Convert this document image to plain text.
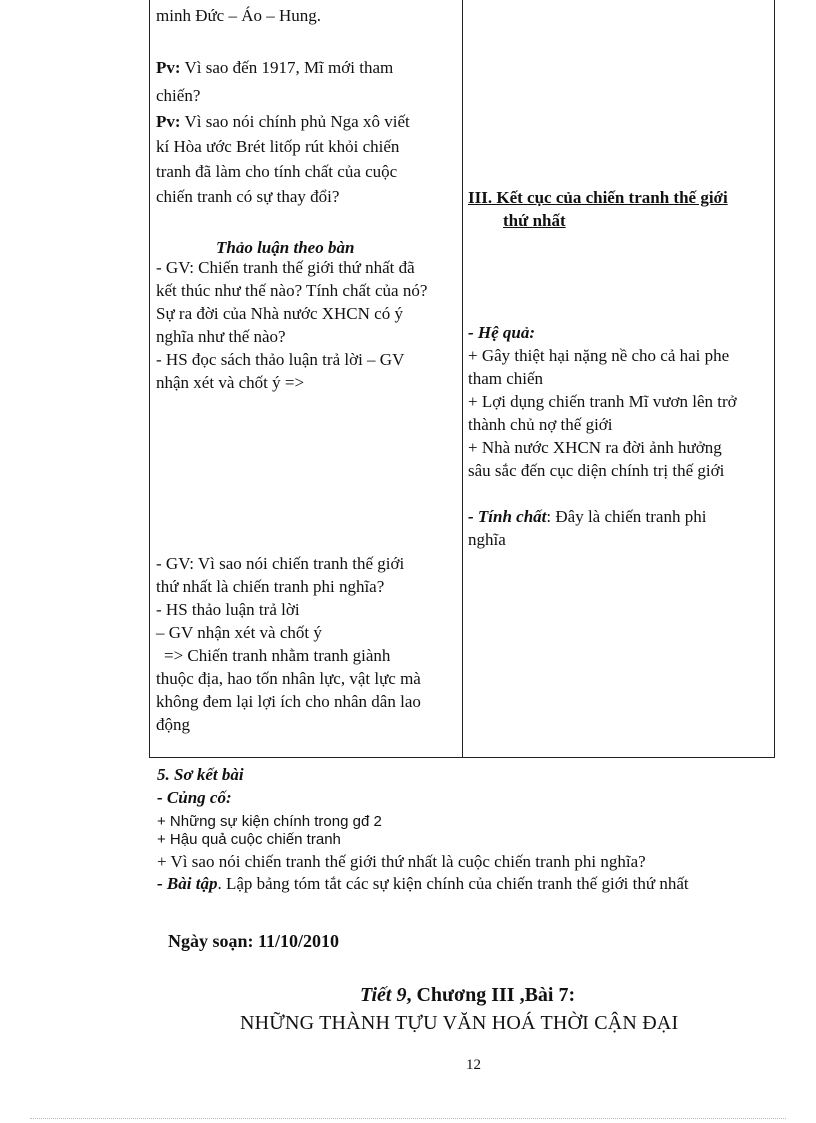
minh Đức – Áo – Hung.
Pv: Vì sao đến 1917, Mĩ mới tham
chiến?
Pv: Vì sao nói chính phủ Nga xô viết
kí Hòa ước Brét litốp rút khỏi chiến
tranh đã làm cho tính chất của cuộc
chiến tranh có sự thay đổi?
Thảo luận theo bàn
- GV: Chiến tranh thế giới thứ nhất đã
kết thúc như thế nào? Tính chất của nó?
Sự ra đời của Nhà nước XHCN có ý
nghĩa như thế nào?
- HS đọc sách thảo luận trả lời – GV
nhận xét và chốt ý =>
- GV: Vì sao nói chiến tranh thế giới
thứ nhất là chiến tranh phi nghĩa?
- HS thảo luận trả lời
– GV nhận xét và chốt ý
=> Chiến tranh nhằm tranh giành
thuộc địa, hao tốn nhân lực, vật lực mà
không đem lại lợi ích cho nhân dân lao
động
III. Kết cục của chiến tranh thế giới
thứ nhất
- Hệ quả:
+ Gây thiệt hại nặng nề cho cả hai phe
tham chiến
+ Lợi dụng chiến tranh Mĩ vươn lên trở
thành chủ nợ thế giới
+ Nhà nước XHCN ra đời ảnh hưởng
sâu sắc đến cục diện chính trị thế giới
- Tính chất: Đây là chiến tranh phi
nghĩa
5. Sơ kết bài
- Củng cố:
+ Những sự kiện chính trong gđ 2
+ Hậu quả cuộc chiến tranh
+ Vì sao nói chiến tranh thế giới thứ nhất là cuộc chiến tranh phi nghĩa?
- Bài tập. Lập bảng tóm tắt các sự kiện chính của chiến tranh thế giới thứ nhất
Ngày soạn: 11/10/2010
Tiết 9, Chương III ,Bài 7:
NHỮNG THÀNH TỰU VĂN HOÁ THỜI CẬN ĐẠI
12
